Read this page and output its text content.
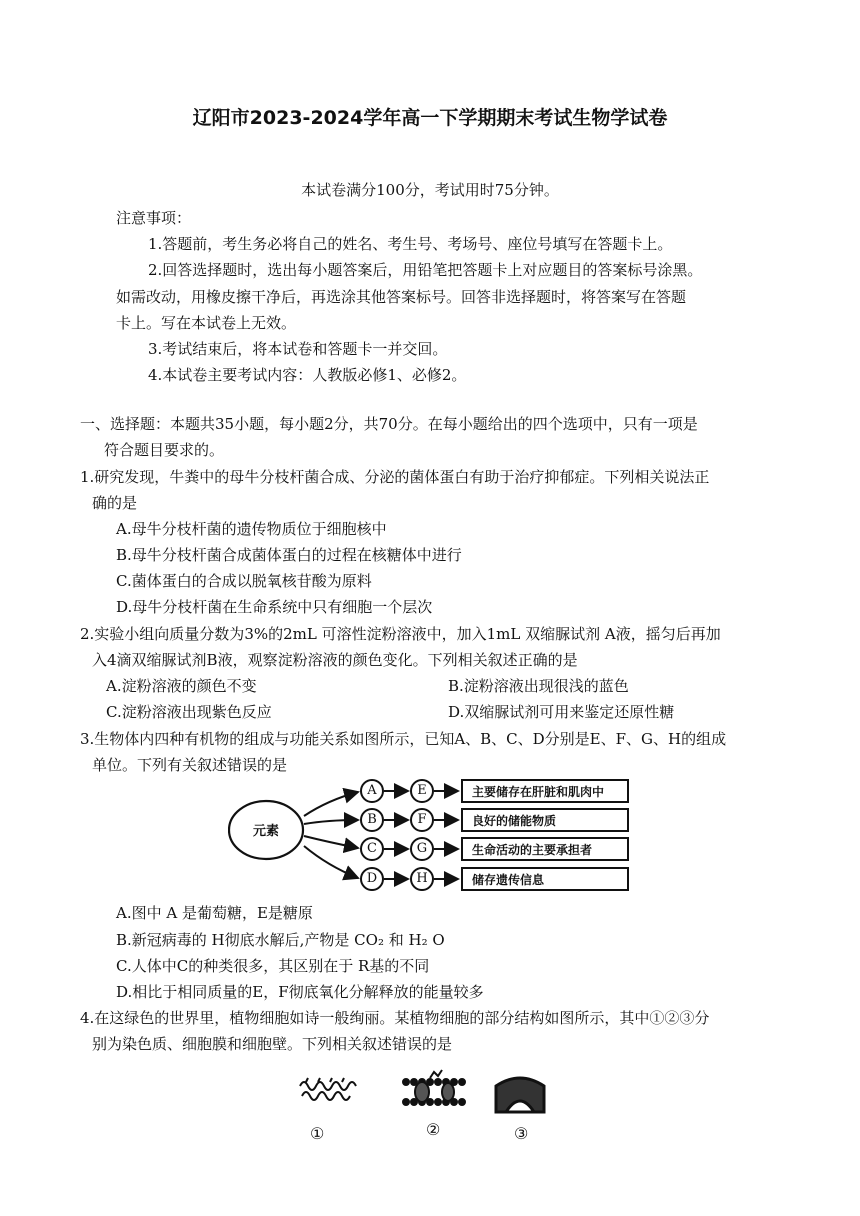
辽阳市2023-2024学年高一下学期期末考试生物学试卷
本试卷满分100分，考试用时75分钟。
注意事项：
1.答题前，考生务必将自己的姓名、考生号、考场号、座位号填写在答题卡上。
2.回答选择题时，选出每小题答案后，用铅笔把答题卡上对应题目的答案标号涂黑。
如需改动，用橡皮擦干净后，再选涂其他答案标号。回答非选择题时，将答案写在答题
卡上。写在本试卷上无效。
3.考试结束后，将本试卷和答题卡一并交回。
4.本试卷主要考试内容：人教版必修1、必修2。
一、选择题：本题共35小题，每小题2分，共70分。在每小题给出的四个选项中，只有一项是
符合题目要求的。
1.研究发现，牛粪中的母牛分枝杆菌合成、分泌的菌体蛋白有助于治疗抑郁症。下列相关说法正
确的是
A.母牛分枝杆菌的遗传物质位于细胞核中
B.母牛分枝杆菌合成菌体蛋白的过程在核糖体中进行
C.菌体蛋白的合成以脱氧核苷酸为原料
D.母牛分枝杆菌在生命系统中只有细胞一个层次
2.实验小组向质量分数为3%的2mL 可溶性淀粉溶液中，加入1mL 双缩脲试剂 A液，摇匀后再加
入4滴双缩脲试剂B液，观察淀粉溶液的颜色变化。下列相关叙述正确的是
A.淀粉溶液的颜色不变	B.淀粉溶液出现很浅的蓝色
C.淀粉溶液出现紫色反应	D.双缩脲试剂可用来鉴定还原性糖
3.生物体内四种有机物的组成与功能关系如图所示，已知A、B、C、D分别是E、F、G、H的组成
单位。下列有关叙述错误的是
元素
A
B
C
D
E
F
G
H
主要储存在肝脏和肌肉中
良好的储能物质
生命活动的主要承担者
储存遗传信息
A.图中 A 是葡萄糖，E是糖原
B.新冠病毒的 H彻底水解后,产物是 CO₂ 和 H₂ O
C.人体中C的种类很多，其区别在于 R基的不同
D.相比于相同质量的E，F彻底氧化分解释放的能量较多
4.在这绿色的世界里，植物细胞如诗一般绚丽。某植物细胞的部分结构如图所示，其中①②③分
别为染色质、细胞膜和细胞壁。下列相关叙述错误的是
①	②	③
